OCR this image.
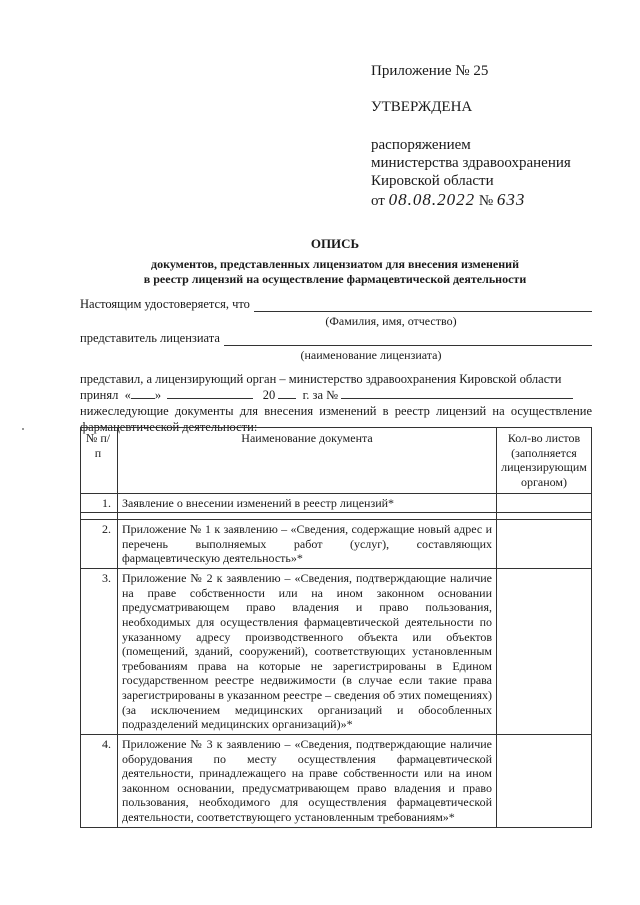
Приложение № 25
УТВЕРЖДЕНА
распоряжением
министерства здравоохранения
Кировской области
от 08.08.2022 № 633
ОПИСЬ
документов, представленных лицензиатом для внесения изменений
в реестр лицензий на осуществление фармацевтической деятельности
Настоящим удостоверяется, что
(Фамилия, имя, отчество)
представитель лицензиата
(наименование лицензиата)
представил, а лицензирующий орган – министерство здравоохранения Кировской области
принял « »	20 г. за №
нижеследующие документы для внесения изменений в реестр лицензий на осуществление фармацевтической деятельности:
№ п/п	Наименование документа	Кол-во листов (заполняется лицензирующим органом)
1.	Заявление о внесении изменений в реестр лицензий*	

2.	Приложение № 1 к заявлению – «Сведения, содержащие новый адрес и перечень выполняемых работ (услуг), составляющих фармацевтическую деятельность»*	
3.	Приложение № 2 к заявлению – «Сведения, подтверждающие наличие на праве собственности или на ином законном основании предусматривающем право владения и право пользования, необходимых для осуществления фармацевтической деятельности по указанному адресу производственного объекта или объектов (помещений, зданий, сооружений), соответствующих установленным требованиям права на которые не зарегистрированы в Едином государственном реестре недвижимости (в случае если такие права зарегистрированы в указанном реестре – сведения об этих помещениях) (за исключением медицинских организаций и обособленных подразделений медицинских организаций)»*	
4.	Приложение № 3 к заявлению – «Сведения, подтверждающие наличие оборудования по месту осуществления фармацевтической деятельности, принадлежащего на праве собственности или на ином законном основании, предусматривающем право владения и право пользования, необходимого для осуществления фармацевтической деятельности, соответствующего установленным требованиям»*	
